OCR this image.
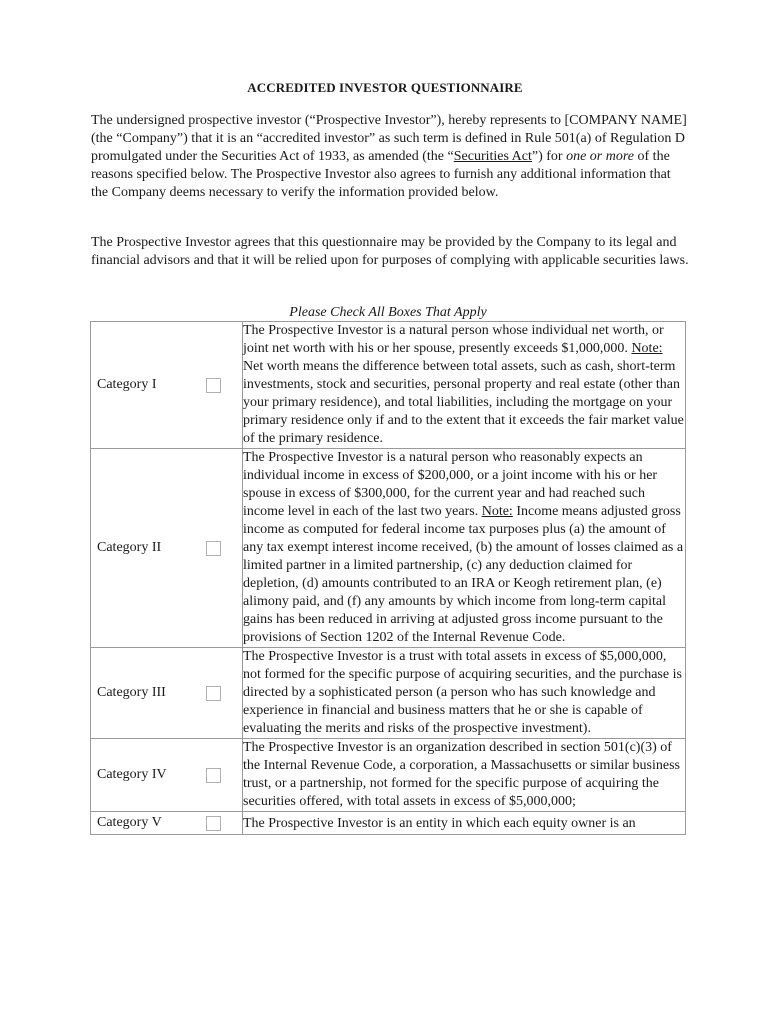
ACCREDITED INVESTOR QUESTIONNAIRE
The undersigned prospective investor (“Prospective Investor”), hereby represents to [COMPANY NAME] (the “Company”) that it is an “accredited investor” as such term is defined in Rule 501(a) of Regulation D promulgated under the Securities Act of 1933, as amended (the “Securities Act”) for one or more of the reasons specified below. The Prospective Investor also agrees to furnish any additional information that the Company deems necessary to verify the information provided below.
The Prospective Investor agrees that this questionnaire may be provided by the Company to its legal and financial advisors and that it will be relied upon for purposes of complying with applicable securities laws.
Please Check All Boxes That Apply
Category I	The Prospective Investor is a natural person whose individual net worth, or joint net worth with his or her spouse, presently exceeds $1,000,000. Note: Net worth means the difference between total assets, such as cash, short-term investments, stock and securities, personal property and real estate (other than your primary residence), and total liabilities, including the mortgage on your primary residence only if and to the extent that it exceeds the fair market value of the primary residence.

Category II	The Prospective Investor is a natural person who reasonably expects an individual income in excess of $200,000, or a joint income with his or her spouse in excess of $300,000, for the current year and had reached such income level in each of the last two years. Note: Income means adjusted gross income as computed for federal income tax purposes plus (a) the amount of any tax exempt interest income received, (b) the amount of losses claimed as a limited partner in a limited partnership, (c) any deduction claimed for depletion, (d) amounts contributed to an IRA or Keogh retirement plan, (e) alimony paid, and (f) any amounts by which income from long-term capital gains has been reduced in arriving at adjusted gross income pursuant to the provisions of Section 1202 of the Internal Revenue Code.

Category III	The Prospective Investor is a trust with total assets in excess of $5,000,000, not formed for the specific purpose of acquiring securities, and the purchase is directed by a sophisticated person (a person who has such knowledge and experience in financial and business matters that he or she is capable of evaluating the merits and risks of the prospective investment).

Category IV	The Prospective Investor is an organization described in section 501(c)(3) of the Internal Revenue Code, a corporation, a Massachusetts or similar business trust, or a partnership, not formed for the specific purpose of acquiring the securities offered, with total assets in excess of $5,000,000;

Category V	The Prospective Investor is an entity in which each equity owner is an
